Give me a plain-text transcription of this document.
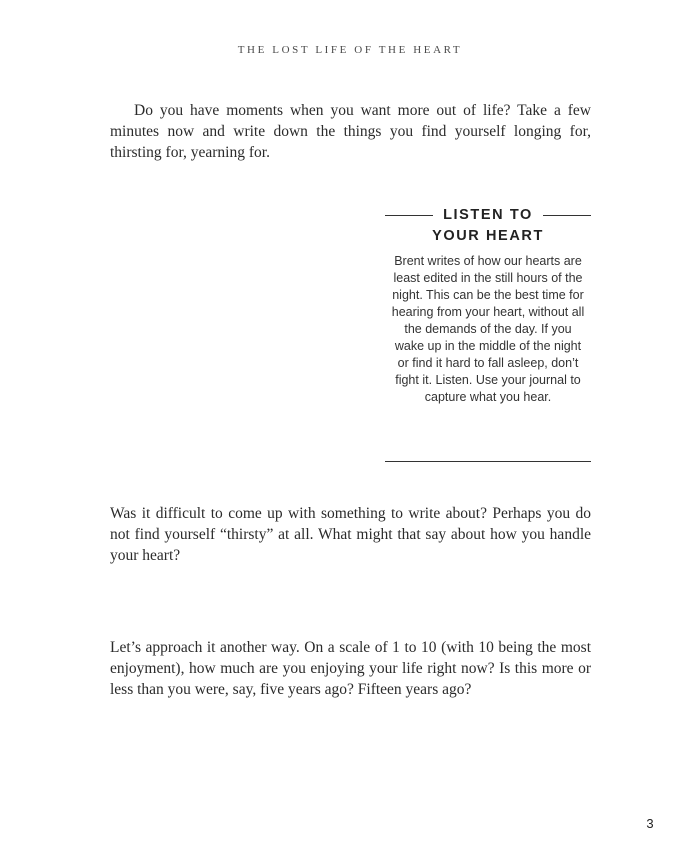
THE LOST LIFE OF THE HEART

Do you have moments when you want more out of life? Take a few minutes now and write down the things you find yourself longing for, thirsting for, yearning for.

LISTEN TO
YOUR HEART
Brent writes of how our hearts are least edited in the still hours of the night. This can be the best time for hearing from your heart, without all the demands of the day. If you wake up in the middle of the night or find it hard to fall asleep, don’t fight it. Listen. Use your journal to capture what you hear.

Was it difficult to come up with something to write about? Perhaps you do not find yourself “thirsty” at all. What might that say about how you handle your heart?

Let’s approach it another way. On a scale of 1 to 10 (with 10 being the most enjoyment), how much are you enjoying your life right now? Is this more or less than you were, say, five years ago? Fifteen years ago?

3
